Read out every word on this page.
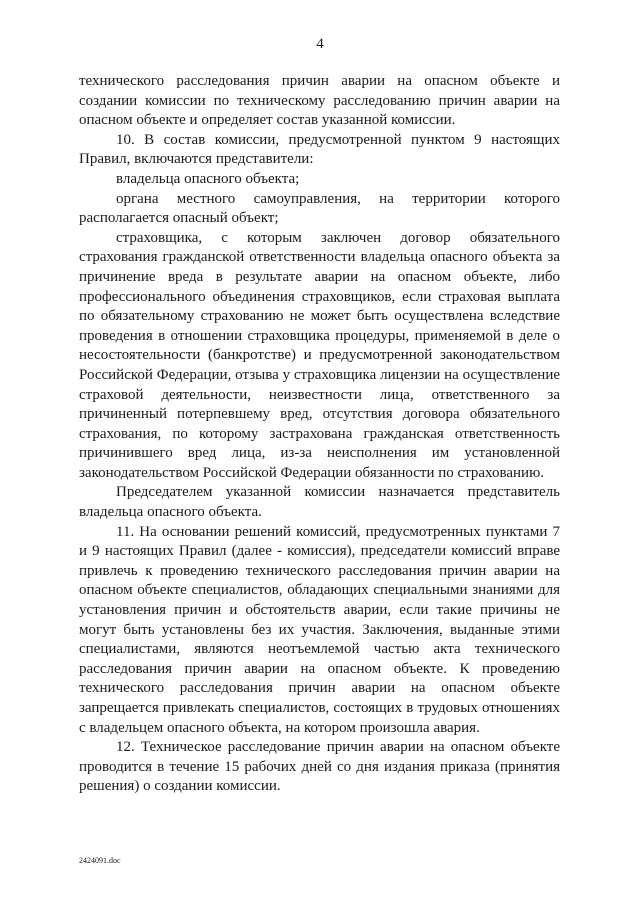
4

технического расследования причин аварии на опасном объекте и создании комиссии по техническому расследованию причин аварии на опасном объекте и определяет состав указанной комиссии.

10. В состав комиссии, предусмотренной пунктом 9 настоящих Правил, включаются представители:

владельца опасного объекта;

органа местного самоуправления, на территории которого располагается опасный объект;

страховщика, с которым заключен договор обязательного страхования гражданской ответственности владельца опасного объекта за причинение вреда в результате аварии на опасном объекте, либо профессионального объединения страховщиков, если страховая выплата по обязательному страхованию не может быть осуществлена вследствие проведения в отношении страховщика процедуры, применяемой в деле о несостоятельности (банкротстве) и предусмотренной законодательством Российской Федерации, отзыва у страховщика лицензии на осуществление страховой деятельности, неизвестности лица, ответственного за причиненный потерпевшему вред, отсутствия договора обязательного страхования, по которому застрахована гражданская ответственность причинившего вред лица, из-за неисполнения им установленной законодательством Российской Федерации обязанности по страхованию.

Председателем указанной комиссии назначается представитель владельца опасного объекта.

11. На основании решений комиссий, предусмотренных пунктами 7 и 9 настоящих Правил (далее - комиссия), председатели комиссий вправе привлечь к проведению технического расследования причин аварии на опасном объекте специалистов, обладающих специальными знаниями для установления причин и обстоятельств аварии, если такие причины не могут быть установлены без их участия. Заключения, выданные этими специалистами, являются неотъемлемой частью акта технического расследования причин аварии на опасном объекте. К проведению технического расследования причин аварии на опасном объекте запрещается привлекать специалистов, состоящих в трудовых отношениях с владельцем опасного объекта, на котором произошла авария.

12. Техническое расследование причин аварии на опасном объекте проводится в течение 15 рабочих дней со дня издания приказа (принятия решения) о создании комиссии.

2424091.doc
